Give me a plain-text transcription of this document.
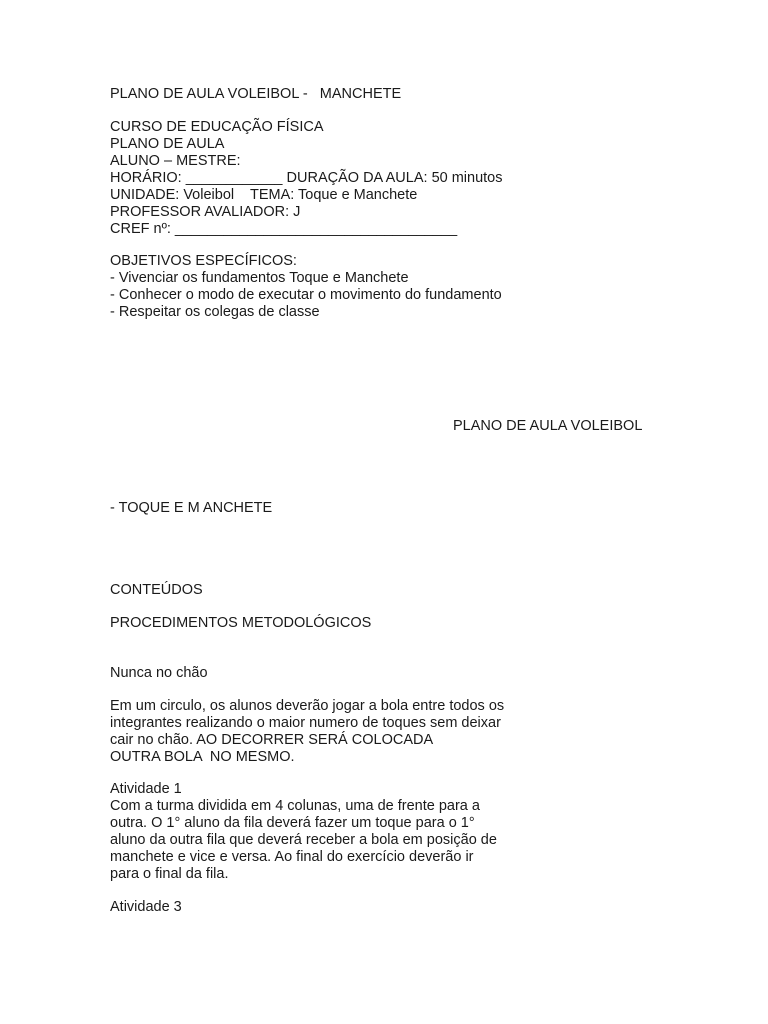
PLANO DE AULA VOLEIBOL -   MANCHETE
CURSO DE EDUCAÇÃO FÍSICA
PLANO DE AULA
ALUNO – MESTRE:
HORÁRIO: ____________ DURAÇÃO DA AULA: 50 minutos
UNIDADE: Voleibol    TEMA: Toque e Manchete
PROFESSOR AVALIADOR: J
CREF nº: ___________________________________
OBJETIVOS ESPECÍFICOS:
- Vivenciar os fundamentos Toque e Manchete
- Conhecer o modo de executar o movimento do fundamento
- Respeitar os colegas de classe
PLANO DE AULA VOLEIBOL
- TOQUE E M ANCHETE
CONTEÚDOS
PROCEDIMENTOS METODOLÓGICOS
Nunca no chão
Em um circulo, os alunos deverão jogar a bola entre todos os
integrantes realizando o maior numero de toques sem deixar
cair no chão. AO DECORRER SERÁ COLOCADA
OUTRA BOLA  NO MESMO.
Atividade 1
Com a turma dividida em 4 colunas, uma de frente para a
outra. O 1° aluno da fila deverá fazer um toque para o 1°
aluno da outra fila que deverá receber a bola em posição de
manchete e vice e versa. Ao final do exercício deverão ir
para o final da fila.
Atividade 3
